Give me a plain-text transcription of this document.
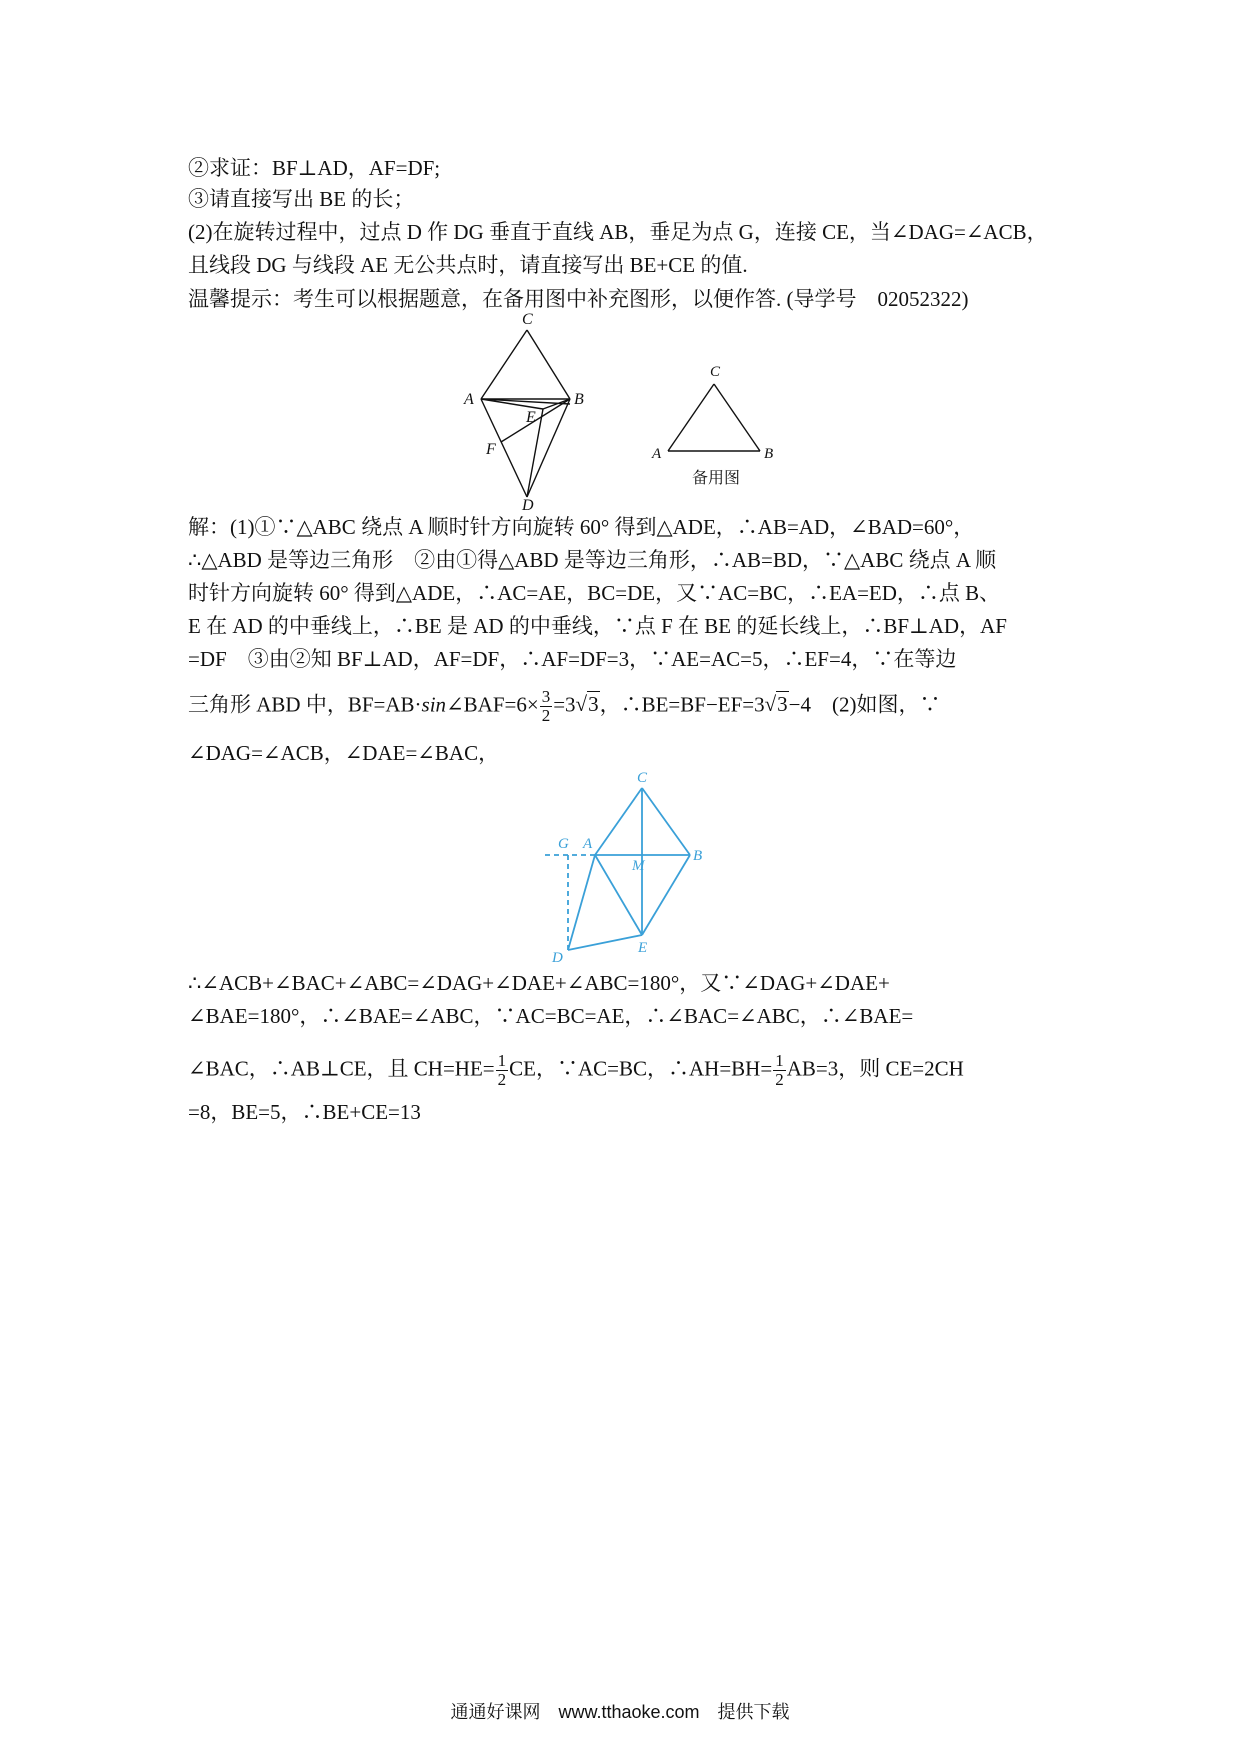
②求证：BF⊥AD，AF=DF;
③请直接写出 BE 的长；
(2)在旋转过程中，过点 D 作 DG 垂直于直线 AB，垂足为点 G，连接 CE，当∠DAG=∠ACB，
且线段 DG 与线段 AE 无公共点时，请直接写出 BE+CE 的值.
温馨提示：考生可以根据题意，在备用图中补充图形，以便作答. (导学号　02052322)
C
A	B
E
F
D
C
A	B
备用图
解：(1)①∵△ABC 绕点 A 顺时针方向旋转 60° 得到△ADE，∴AB=AD，∠BAD=60°，
∴△ABD 是等边三角形　②由①得△ABD 是等边三角形，∴AB=BD，∵△ABC 绕点 A 顺
时针方向旋转 60° 得到△ADE，∴AC=AE，BC=DE，又∵AC=BC，∴EA=ED，∴点 B、
E 在 AD 的中垂线上，∴BE 是 AD 的中垂线，∵点 F 在 BE 的延长线上，∴BF⊥AD，AF
=DF　③由②知 BF⊥AD，AF=DF，∴AF=DF=3，∵AE=AC=5，∴EF=4，∵在等边
三角形 ABD 中，BF=AB·sin∠BAF=6× $\frac{3}{2} =3√3$，∴BE=BF−EF=3√3−4　(2)如图，∵
∠DAG=∠ACB，∠DAE=∠BAC，
C
G A
M
B
E
D
∴∠ACB+∠BAC+∠ABC=∠DAG+∠DAE+∠ABC=180°，又∵∠DAG+∠DAE+
∠BAE=180°，∴∠BAE=∠ABC，∵AC=BC=AE，∴∠BAC=∠ABC，∴∠BAE=
∠BAC，∴AB⊥CE，且 $CH=HE= \frac{1}{2}$ CE，∵AC=BC，∴AH=BH= $\frac{1}{2} AB=3$，则 CE=2CH
=8，BE=5，∴BE+CE=13
通通好课网　www.tthaoke.com　提供下载
